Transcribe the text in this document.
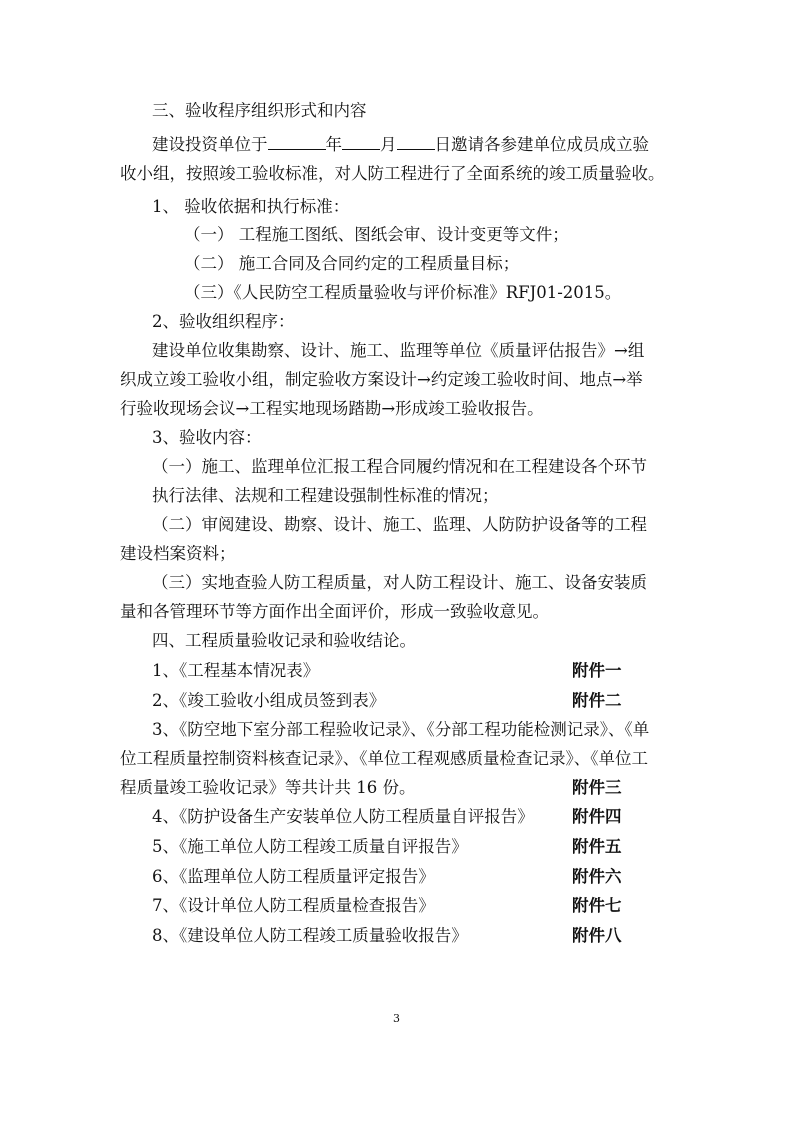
三、验收程序组织形式和内容
建设投资单位于	年 月 日邀请各参建单位成员成立验
收小组，按照竣工验收标准，对人防工程进行了全面系统的竣工质量验收。
1、 验收依据和执行标准：
（一） 工程施工图纸、图纸会审、设计变更等文件；
（二） 施工合同及合同约定的工程质量目标；
（三）《人民防空工程质量验收与评价标准》RFJ01-2015。
2、验收组织程序：
建设单位收集勘察、设计、施工、监理等单位《质量评估报告》→组
织成立竣工验收小组，制定验收方案设计→约定竣工验收时间、地点→举
行验收现场会议→工程实地现场踏勘→形成竣工验收报告。
3、验收内容：
（一）施工、监理单位汇报工程合同履约情况和在工程建设各个环节
执行法律、法规和工程建设强制性标准的情况；
（二）审阅建设、勘察、设计、施工、监理、人防防护设备等的工程
建设档案资料；
（三）实地查验人防工程质量，对人防工程设计、施工、设备安装质
量和各管理环节等方面作出全面评价，形成一致验收意见。
四、工程质量验收记录和验收结论。
1、《工程基本情况表》	附件一
2、《竣工验收小组成员签到表》	附件二
3、《防空地下室分部工程验收记录》、《分部工程功能检测记录》、《单
位工程质量控制资料核查记录》、《单位工程观感质量检查记录》、《单位工
程质量竣工验收记录》等共计共 16 份。	附件三
4、《防护设备生产安装单位人防工程质量自评报告》 附件四
5、《施工单位人防工程竣工质量自评报告》	附件五
6、《监理单位人防工程质量评定报告》	附件六
7、《设计单位人防工程质量检查报告》	附件七
8、《建设单位人防工程竣工质量验收报告》	附件八
3
